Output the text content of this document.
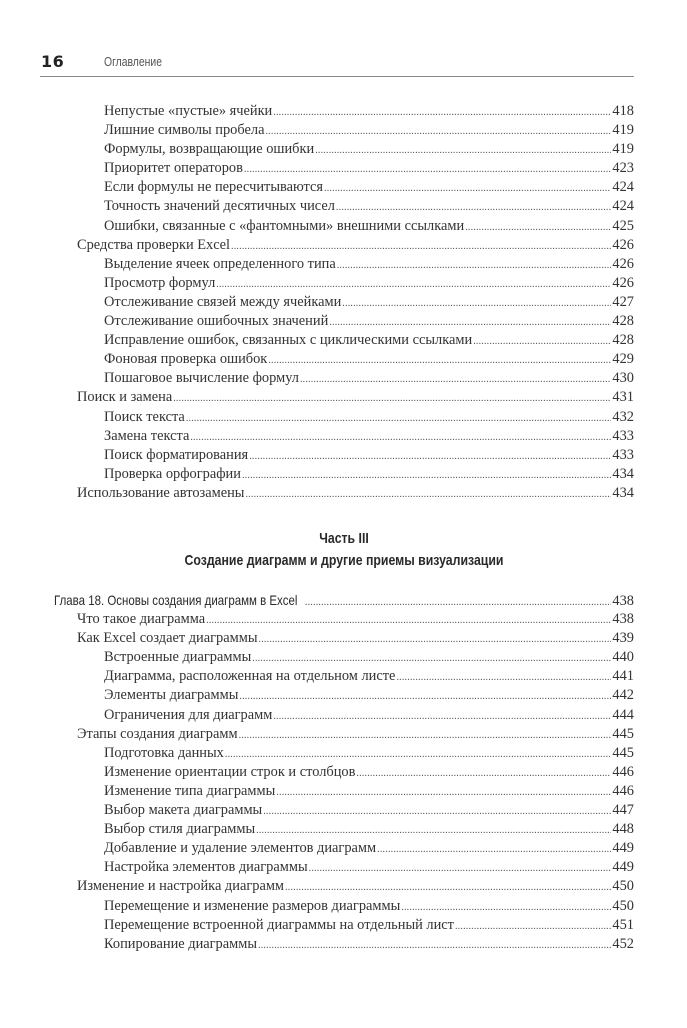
16	Оглавление
Непустые «пустые» ячейки .....	418
Лишние символы пробела .....	419
Формулы, возвращающие ошибки .....	419
Приоритет операторов .....	423
Если формулы не пересчитываются .....	424
Точность значений десятичных чисел .....	424
Ошибки, связанные с «фантомными» внешними ссылками .....	425
Средства проверки Excel .....	426
Выделение ячеек определенного типа .....	426
Просмотр формул .....	426
Отслеживание связей между ячейками .....	427
Отслеживание ошибочных значений .....	428
Исправление ошибок, связанных с циклическими ссылками .....	428
Фоновая проверка ошибок .....	429
Пошаговое вычисление формул .....	430
Поиск и замена .....	431
Поиск текста .....	432
Замена текста .....	433
Поиск форматирования .....	433
Проверка орфографии .....	434
Использование автозамены .....	434
Часть III
Создание диаграмм и другие приемы визуализации
Глава 18. Основы создания диаграмм в Excel .....	438
Что такое диаграмма .....	438
Как Excel создает диаграммы .....	439
Встроенные диаграммы .....	440
Диаграмма, расположенная на отдельном листе .....	441
Элементы диаграммы .....	442
Ограничения для диаграмм .....	444
Этапы создания диаграмм .....	445
Подготовка данных .....	445
Изменение ориентации строк и столбцов .....	446
Изменение типа диаграммы .....	446
Выбор макета диаграммы .....	447
Выбор стиля диаграммы .....	448
Добавление и удаление элементов диаграмм .....	449
Настройка элементов диаграммы .....	449
Изменение и настройка диаграмм .....	450
Перемещение и изменение размеров диаграммы .....	450
Перемещение встроенной диаграммы на отдельный лист .....	451
Копирование диаграммы .....	452
